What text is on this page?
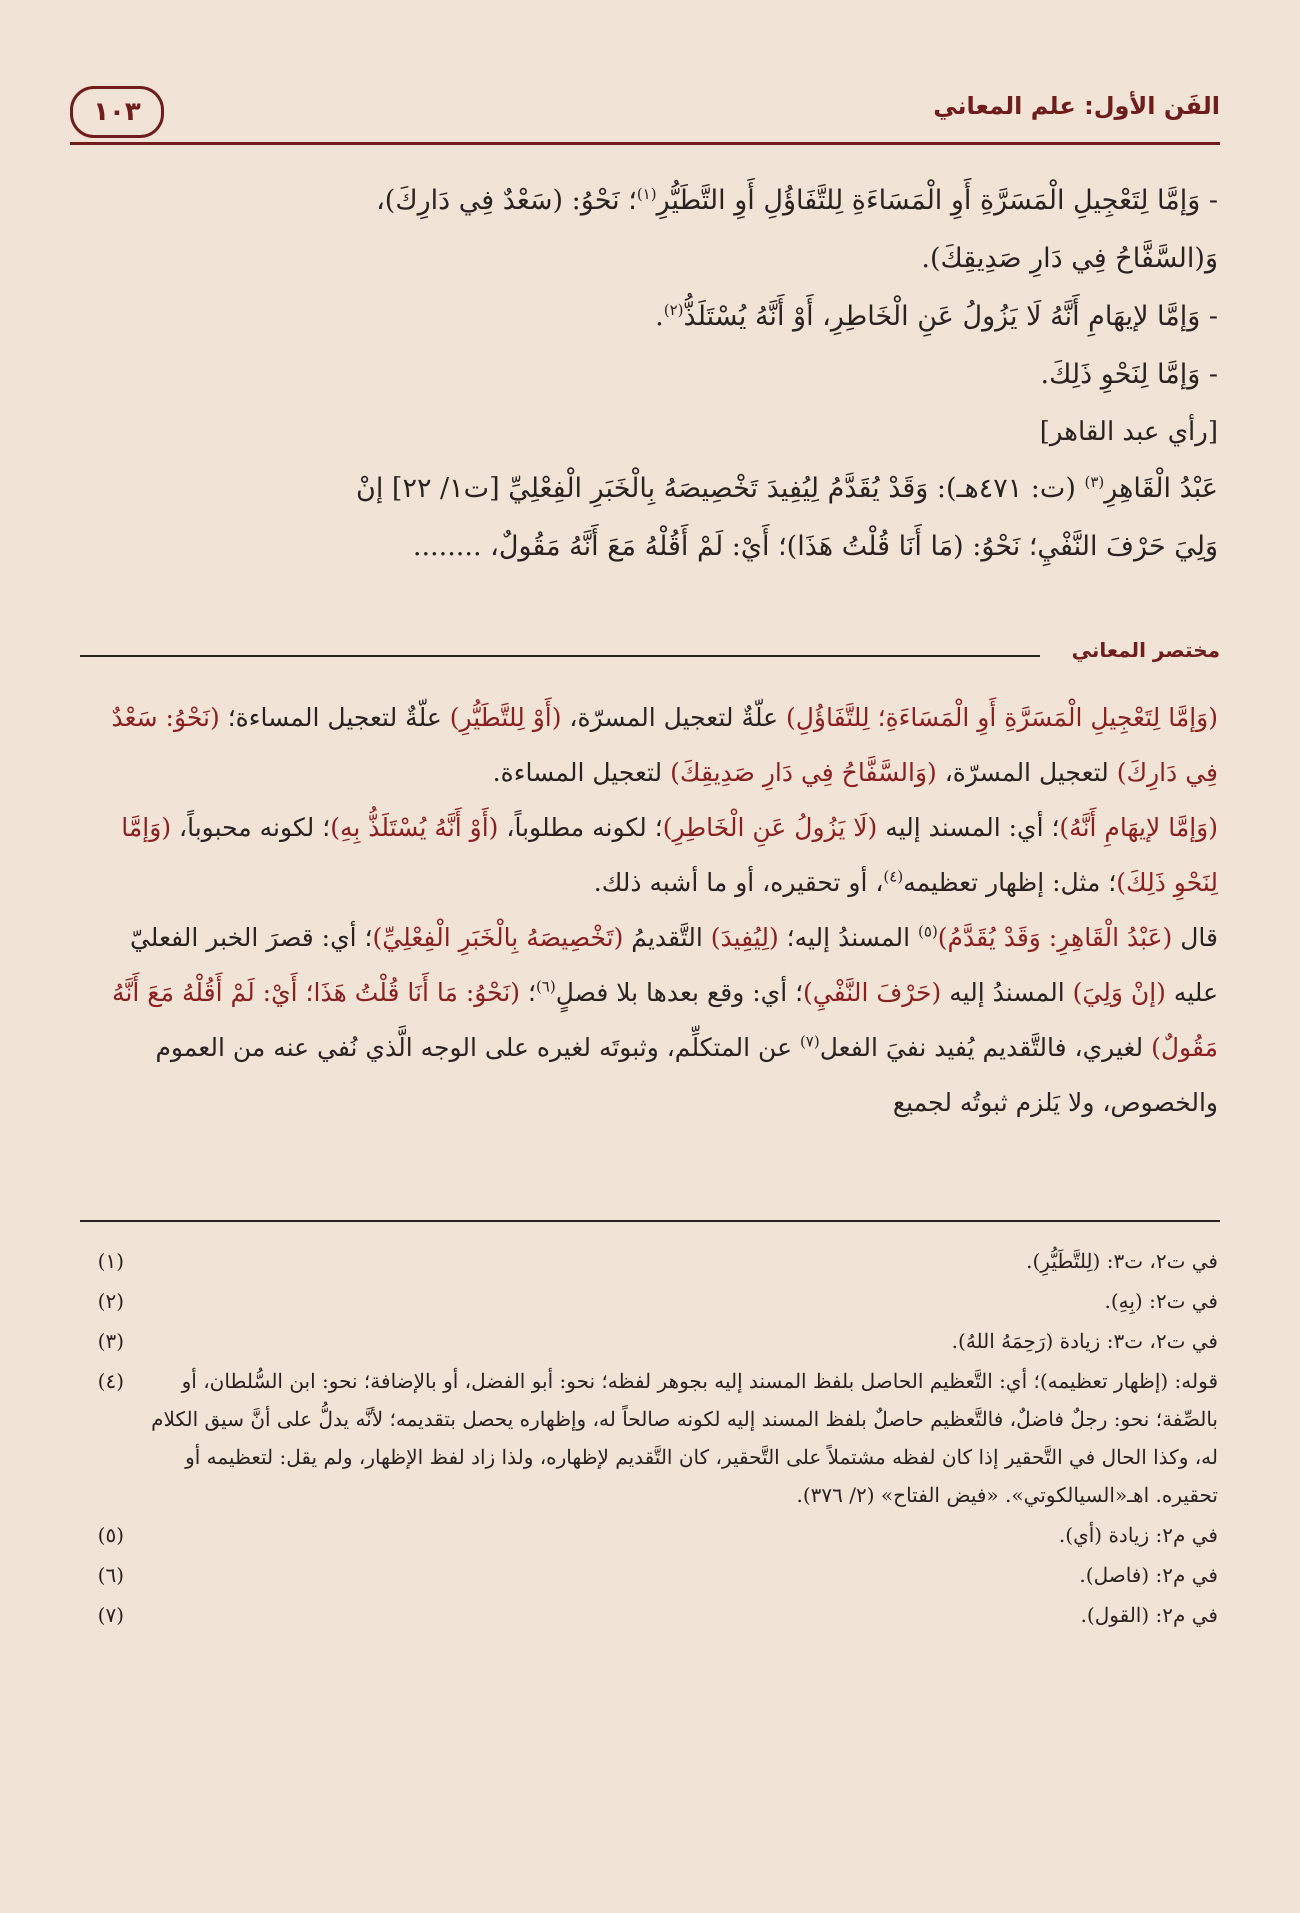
الفَن الأول: علم المعاني
١٠٣

- وَإمَّا لِتَعْجِيلِ الْمَسَرَّةِ أَوِ الْمَسَاءَةِ لِلتَّفَاؤُلِ أَوِ التَّطَيُّرِ$^{(١)}$؛ نَحْوُ: (سَعْدٌ فِي دَارِكَ)،

وَ(السَّفَّاحُ فِي دَارِ صَدِيقِكَ).

- وَإمَّا لإيهَامِ أَنَّهُ لَا يَزُولُ عَنِ الْخَاطِرِ، أَوْ أَنَّهُ يُسْتَلَذُّ$^{(٢)}$.

- وَإمَّا لِنَحْوِ ذَلِكَ.

[رأي عبد القاهر]

عَبْدُ الْقَاهِرِ$^{(٣)}$ (ت: ٤٧١هـ): وَقَدْ يُقَدَّمُ لِيُفِيدَ تَخْصِيصَهُ بِالْخَبَرِ الْفِعْلِيِّ [ت١/ ٢٢] إنْ

وَلِيَ حَرْفَ النَّفْيِ؛ نَحْوُ: (مَا أَنَا قُلْتُ هَذَا)؛ أَيْ: لَمْ أَقُلْهُ مَعَ أَنَّهُ مَقُولٌ، ........

مختصر المعاني

(وَإمَّا لِتَعْجِيلِ الْمَسَرَّةِ أَوِ الْمَسَاءَةِ؛ لِلتَّفَاؤُلِ) علّةٌ لتعجيل المسرّة، (أَوْ لِلتَّطَيُّرِ) علّةٌ لتعجيل المساءة؛ (نَحْوُ: سَعْدٌ فِي دَارِكَ) لتعجيل المسرّة، (وَالسَّفَّاحُ فِي دَارِ صَدِيقِكَ) لتعجيل المساءة.

(وَإمَّا لإيهَامِ أَنَّهُ)؛ أي: المسند إليه (لَا يَزُولُ عَنِ الْخَاطِرِ)؛ لكونه مطلوباً، (أَوْ أَنَّهُ يُسْتَلَذُّ بِهِ)؛ لكونه محبوباً، (وَإمَّا لِنَحْوِ ذَلِكَ)؛ مثل: إظهار تعظيمه$^{(٤)}$، أو تحقيره، أو ما أشبه ذلك.

قال (عَبْدُ الْقَاهِرِ: وَقَدْ يُقَدَّمُ)$^{(٥)}$ المسندُ إليه؛ (لِيُفِيدَ) التَّقديمُ (تَخْصِيصَهُ بِالْخَبَرِ الْفِعْلِيِّ)؛ أي: قصرَ الخبر الفعليّ عليه (إنْ وَلِيَ) المسندُ إليه (حَرْفَ النَّفْيِ)؛ أي: وقع بعدها بلا فصلٍ$^{(٦)}$؛ (نَحْوُ: مَا أَنَا قُلْتُ هَذَا؛ أَيْ: لَمْ أَقُلْهُ مَعَ أَنَّهُ مَقُولٌ) لغيري، فالتَّقديم يُفيد نفيَ الفعل$^{(٧)}$ عن المتكلِّم، وثبوتَه لغيره على الوجه الَّذي نُفي عنه من العموم والخصوص، ولا يَلزم ثبوتُه لجميع

(١)	في ت٢، ت٣: (لِلتَّطَيُّرِ).
(٢)	في ت٢: (بِهِ).
(٣)	في ت٢، ت٣: زيادة (رَحِمَهُ اللهُ).
(٤)	قوله: (إظهار تعظيمه)؛ أي: التَّعظيم الحاصل بلفظ المسند إليه بجوهر لفظه؛ نحو: أبو الفضل، أو بالإضافة؛ نحو: ابن السُّلطان، أو بالصِّفة؛ نحو: رجلٌ فاضلٌ، فالتَّعظيم حاصلٌ بلفظ المسند إليه لكونه صالحاً له، وإظهاره يحصل بتقديمه؛ لأنَّه يدلُّ على أنَّ سيق الكلام له، وكذا الحال في التَّحقير إذا كان لفظه مشتملاً على التَّحقير، كان التَّقديم لإظهاره، ولذا زاد لفظ الإظهار، ولم يقل: لتعظيمه أو تحقيره. اهـ«السيالكوتي». «فيض الفتاح» (٢/ ٣٧٦).
(٥)	في م٢: زيادة (أي).
(٦)	في م٢: (فاصل).
(٧)	في م٢: (القول).
